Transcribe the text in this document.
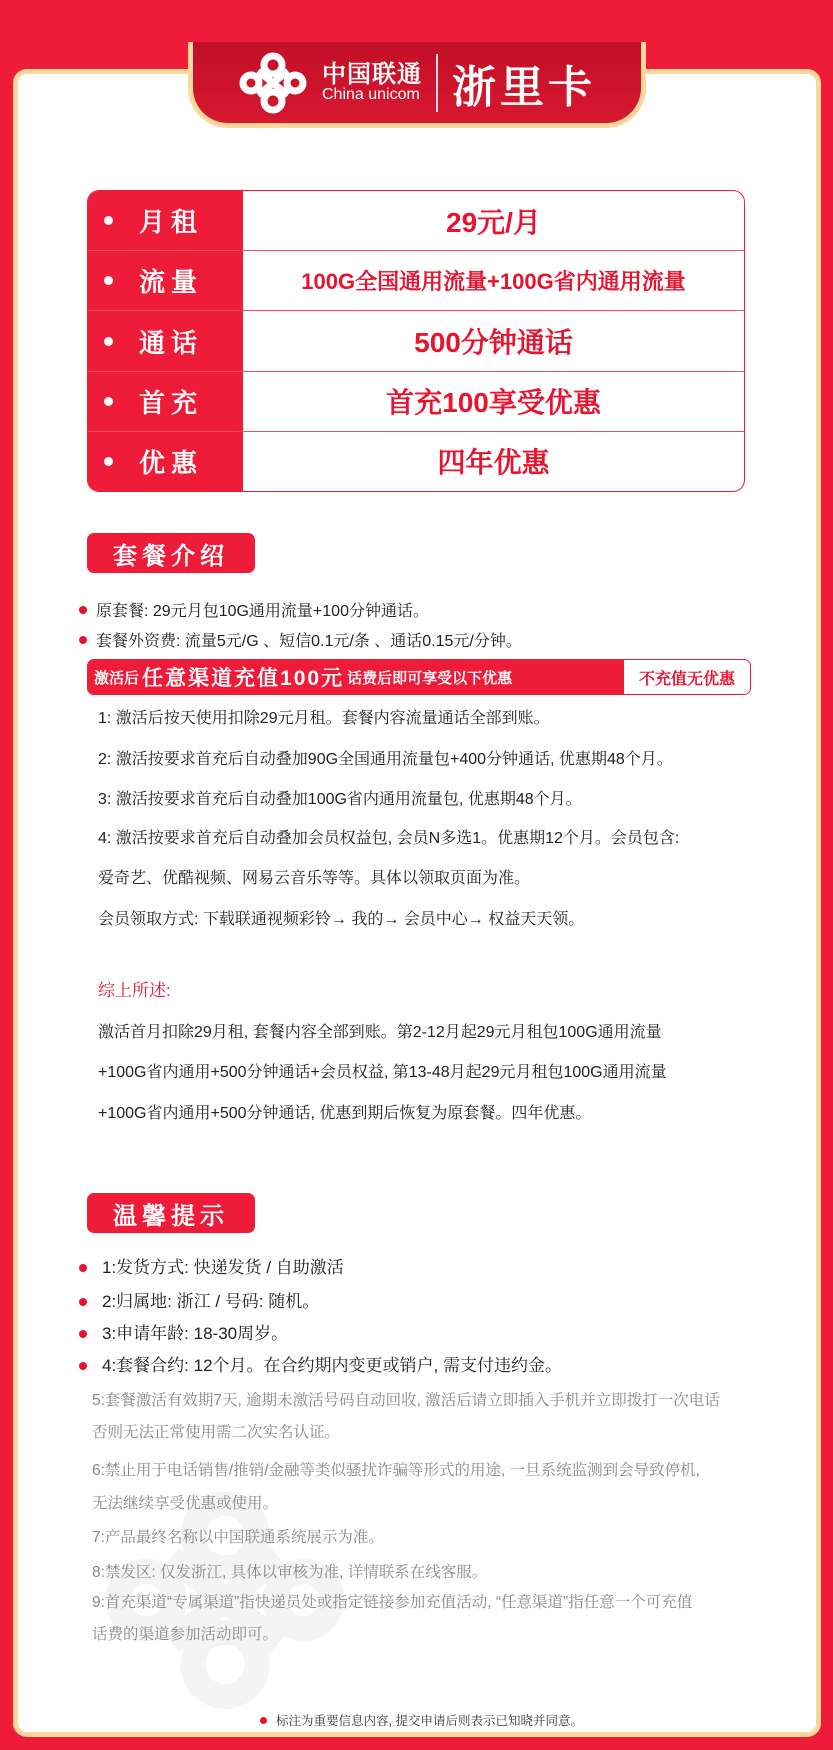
中国联通
China unicom 浙里卡
月租	29元/月
流量	100G全国通用流量+100G省内通用流量
通话	500分钟通话
首充	首充100享受优惠
优惠	四年优惠
套餐介绍
原套餐: 29元月包10G通用流量+100分钟通话。
套餐外资费: 流量5元/G 、短信0.1元/条 、通话0.15元/分钟。
激活后 任意渠道充值100元 话费后即可享受以下优惠	不充值无优惠
1: 激活后按天使用扣除29元月租。套餐内容流量通话全部到账。
2: 激活按要求首充后自动叠加90G全国通用流量包+400分钟通话, 优惠期48个月。
3: 激活按要求首充后自动叠加100G省内通用流量包, 优惠期48个月。
4: 激活按要求首充后自动叠加会员权益包, 会员N多选1。优惠期12个月。会员包含:
爱奇艺、优酷视频、网易云音乐等等。具体以领取页面为准。
会员领取方式: 下载联通视频彩铃→ 我的→ 会员中心→ 权益天天领。
综上所述:
激活首月扣除29月租, 套餐内容全部到账。第2-12月起29元月租包100G通用流量
+100G省内通用+500分钟通话+会员权益, 第13-48月起29元月租包100G通用流量
+100G省内通用+500分钟通话, 优惠到期后恢复为原套餐。四年优惠。
温馨提示
1:发货方式: 快递发货 / 自助激活
2:归属地: 浙江 / 号码: 随机。
3:申请年龄: 18-30周岁。
4:套餐合约: 12个月。在合约期内变更或销户, 需支付违约金。
5:套餐激活有效期7天, 逾期未激活号码自动回收, 激活后请立即插入手机并立即拨打一次电话
否则无法正常使用需二次实名认证。
6:禁止用于电话销售/推销/金融等类似骚扰诈骗等形式的用途, 一旦系统监测到会导致停机,
无法继续享受优惠或使用。
7:产品最终名称以中国联通系统展示为准。
8:禁发区: 仅发浙江, 具体以审核为准, 详情联系在线客服。
9:首充渠道“专属渠道”指快递员处或指定链接参加充值活动, “任意渠道”指任意一个可充值
话费的渠道参加活动即可。
标注为重要信息内容, 提交申请后则表示已知晓并同意。
